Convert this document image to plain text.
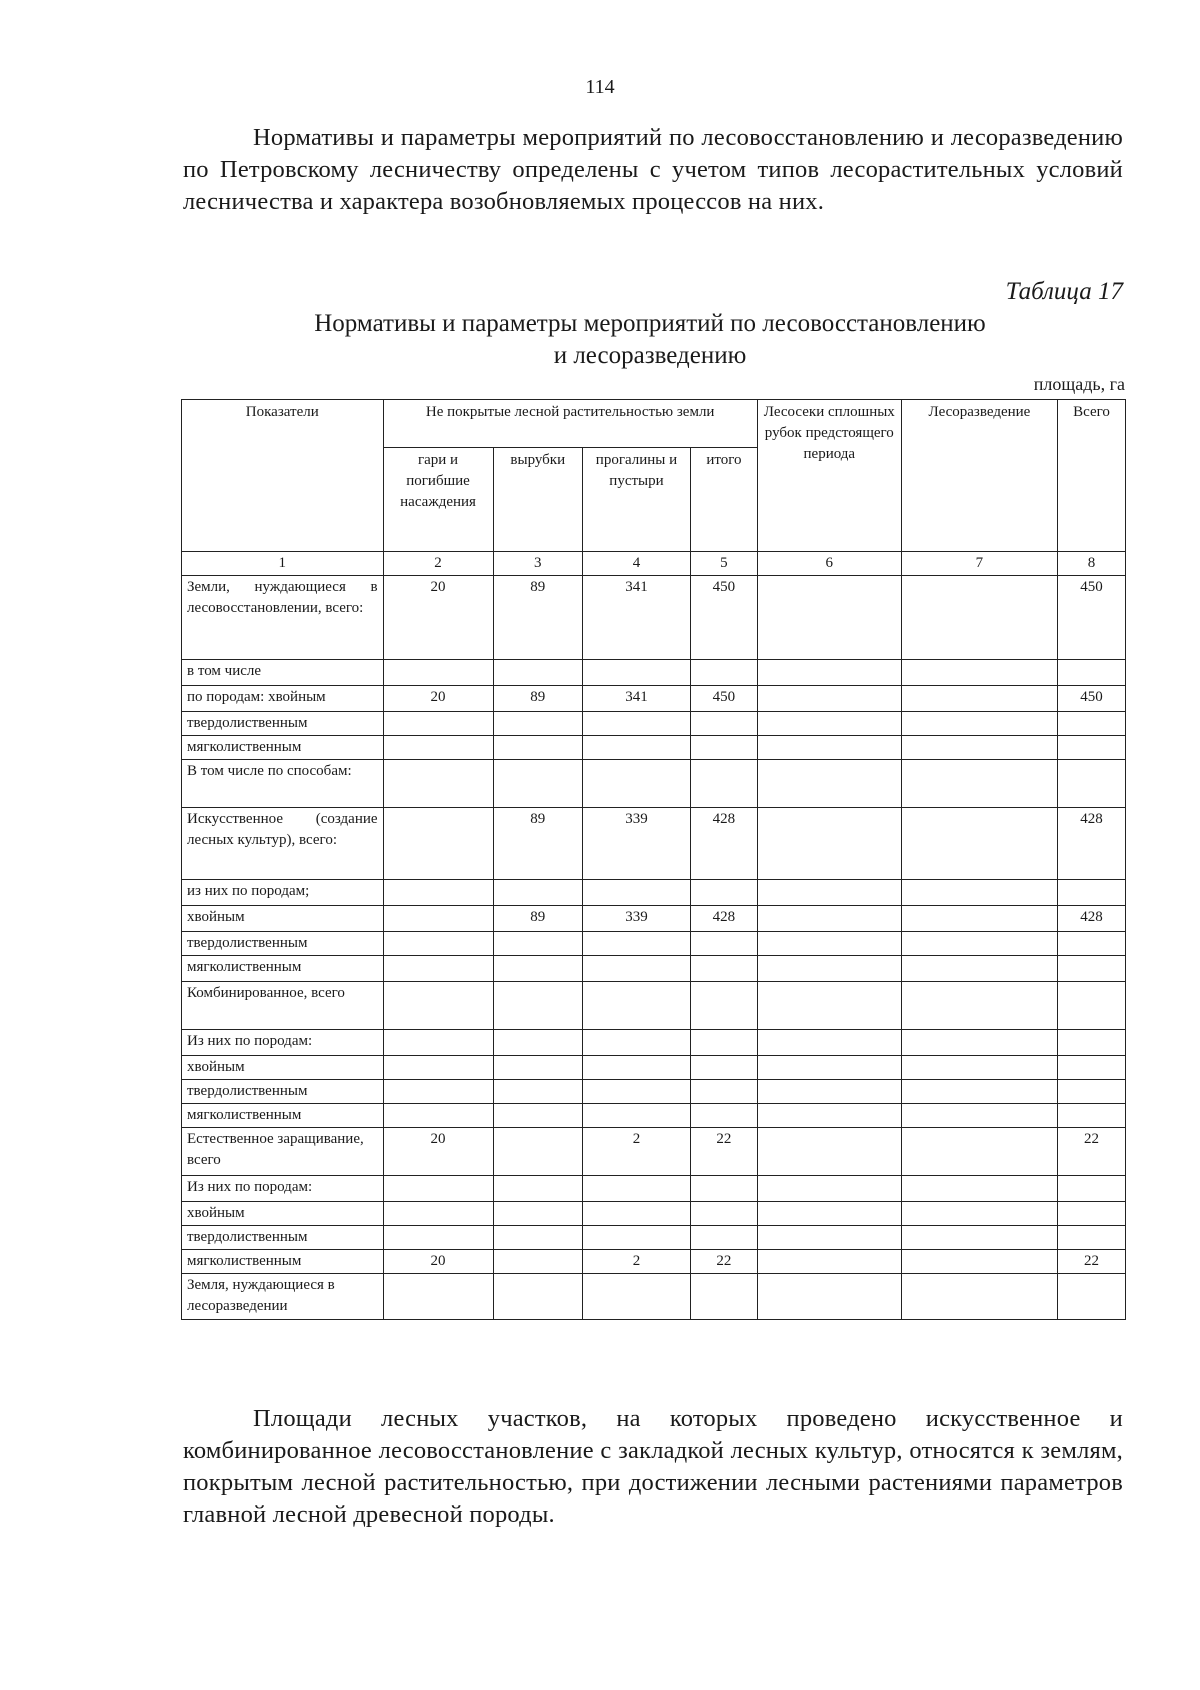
114

Нормативы и параметры мероприятий по лесовосстановлению и лесоразведению по Петровскому лесничеству определены с учетом типов лесорастительных условий лесничества и характера возобновляемых процессов на них.

Таблица 17
Нормативы и параметры мероприятий по лесовосстановлению
и лесоразведению
площадь, га
Показатели	Не покрытые лесной растительностью земли				Лесосеки сплошных рубок предстоящего периода	Лесоразведение	Всего
	гари и погибшие насаждения	вырубки	прогалины и пустыри	итого			
1	2	3	4	5	6	7	8
Земли, нуждающиеся в лесовосстановлении, всего:	20	89	341	450			450
в том числе							
по породам: хвойным	20	89	341	450			450
твердолиственным							
мягколиственным							
В том числе по способам:							
Искусственное (создание лесных культур), всего:		89	339	428			428
из них по породам;							
хвойным		89	339	428			428
твердолиственным							
мягколиственным							
Комбинированное, всего							
Из них по породам:							
хвойным							
твердолиственным							
мягколиственным							
Естественное заращивание, всего	20		2	22			22
Из них по породам:							
хвойным							
твердолиственным							
мягколиственным	20		2	22			22
Земля, нуждающиеся в лесоразведении							

Площади лесных участков, на которых проведено искусственное и комбинированное лесовосстановление с закладкой лесных культур, относятся к землям, покрытым лесной растительностью, при достижении лесными растениями параметров главной лесной древесной породы.
